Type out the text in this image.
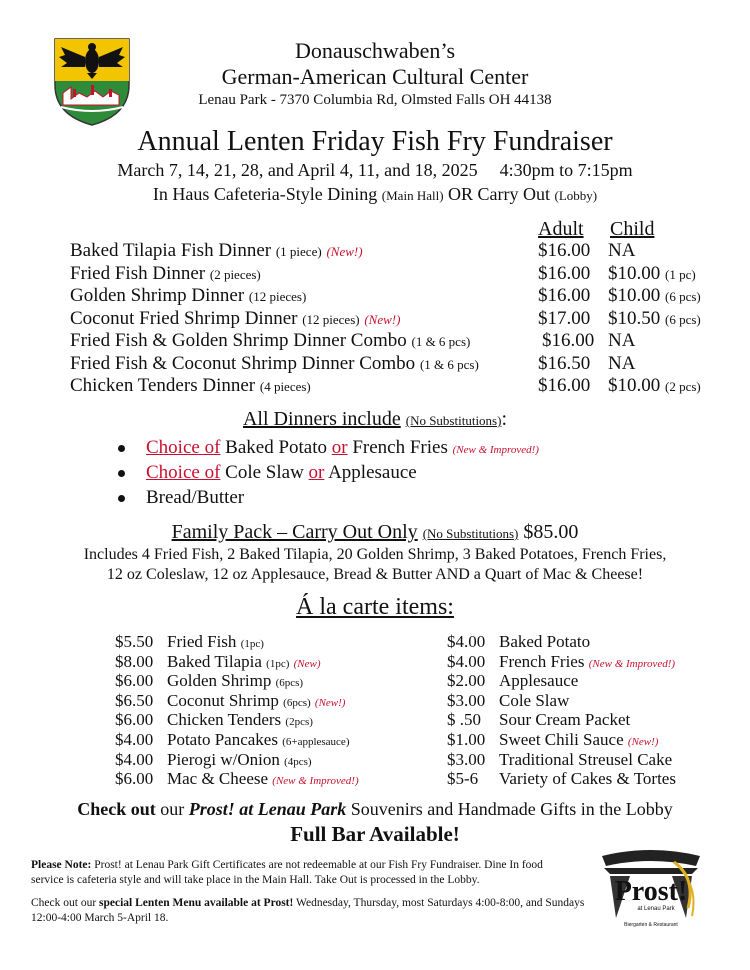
Donauschwaben’s
German-American Cultural Center
Lenau Park - 7370 Columbia Rd, Olmsted Falls OH 44138
Annual Lenten Friday Fish Fry Fundraiser
March 7, 14, 21, 28, and April 4, 11, and 18, 2025 4:30pm to 7:15pm
In Haus Cafeteria-Style Dining (Main Hall) OR Carry Out (Lobby)
Adult Child
Baked Tilapia Fish Dinner (1 piece) (New!)	$16.00 NA
Fried Fish Dinner (2 pieces)	$16.00 $10.00 (1 pc)
Golden Shrimp Dinner (12 pieces)	$16.00 $10.00 (6 pcs)
Coconut Fried Shrimp Dinner (12 pieces) (New!)	$17.00 $10.50 (6 pcs)
Fried Fish & Golden Shrimp Dinner Combo (1 & 6 pcs)	$16.00 NA
Fried Fish & Coconut Shrimp Dinner Combo (1 & 6 pcs)	$16.50 NA
Chicken Tenders Dinner (4 pieces)	$16.00 $10.00 (2 pcs)
All Dinners include (No Substitutions):
Choice of Baked Potato or French Fries (New & Improved!)
Choice of Cole Slaw or Applesauce
Bread/Butter
Family Pack – Carry Out Only (No Substitutions) $85.00
Includes 4 Fried Fish, 2 Baked Tilapia, 20 Golden Shrimp, 3 Baked Potatoes, French Fries,
12 oz Coleslaw, 12 oz Applesauce, Bread & Butter AND a Quart of Mac & Cheese!
Á la carte items:
$5.50 Fried Fish (1pc)
$8.00 Baked Tilapia (1pc) (New)
$6.00 Golden Shrimp (6pcs)
$6.50 Coconut Shrimp (6pcs) (New!)
$6.00 Chicken Tenders (2pcs)
$4.00 Potato Pancakes (6+applesauce)
$4.00 Pierogi w/Onion (4pcs)
$6.00 Mac & Cheese (New & Improved!)
$4.00 Baked Potato
$4.00 French Fries (New & Improved!)
$2.00 Applesauce
$3.00 Cole Slaw
$ .50 Sour Cream Packet
$1.00 Sweet Chili Sauce (New!)
$3.00 Traditional Streusel Cake
$5-6 Variety of Cakes & Tortes
Check out our Prost! at Lenau Park Souvenirs and Handmade Gifts in the Lobby
Full Bar Available!
Please Note: Prost! at Lenau Park Gift Certificates are not redeemable at our Fish Fry Fundraiser. Dine In food service is cafeteria style and will take place in the Main Hall. Take Out is processed in the Lobby.
Check out our special Lenten Menu available at Prost! Wednesday, Thursday, most Saturdays 4:00-8:00, and Sundays 12:00-4:00 March 5-April 18.
Prost!
at Lenau Park
Biergarten & Restaurant
